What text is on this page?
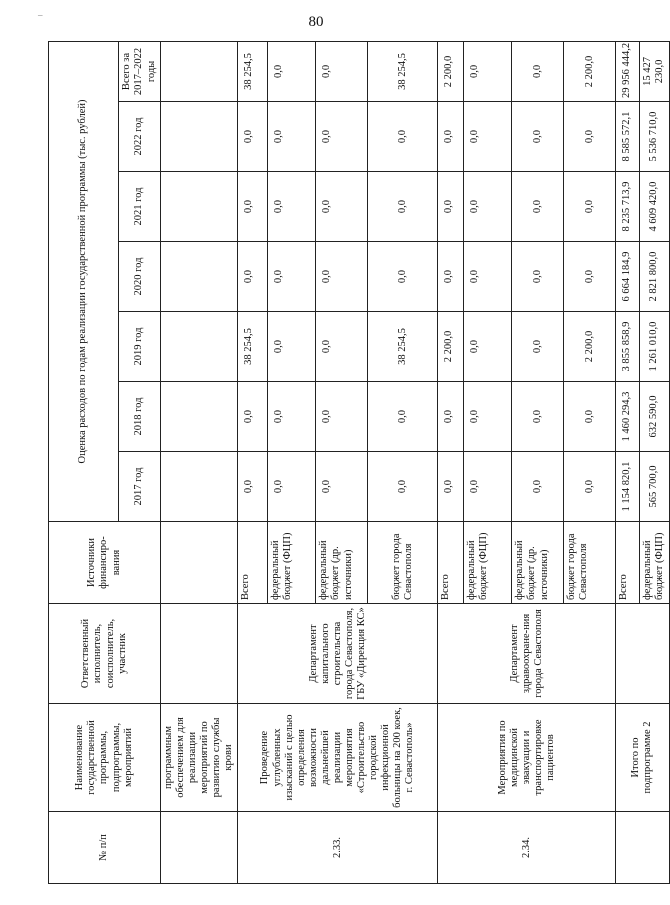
–	80
№ п/п	Наименование государственной программы, подпрограммы, мероприятий	Ответственный исполнитель, соисполнитель, участник	Источники финансиро-вания	Оценка расходов по годам реализации государственной программы (тыс. рублей)						
				2017 год	2018 год	2019 год	2020 год	2021 год	2022 год	Всего за 2017–2022 годы
	программным обеспечением для реализации мероприятий по развитию службы крови									
2.33.	Проведение углубленных изысканий с целью определения возможности дальнейшей реализации мероприятия «Строительство городской инфекционной больницы на 200 коек, г. Севастополь»	Департамент капитального строительства города Севастополя, ГБУ «Дирекция КС»	Всего	0,0	0,0	38 254,5	0,0	0,0	0,0	38 254,5
			федеральный бюджет (ФЦП)	0,0	0,0	0,0	0,0	0,0	0,0	0,0
			федеральный бюджет (др. источники)	0,0	0,0	0,0	0,0	0,0	0,0	0,0
			бюджет города Севастополя	0,0	0,0	38 254,5	0,0	0,0	0,0	38 254,5
2.34.	Мероприятия по медицинской эвакуации и транспортировке пациентов	Департамент здравоохране-ния города Севастополя	Всего	0,0	0,0	2 200,0	0,0	0,0	0,0	2 200,0
			федеральный бюджет (ФЦП)	0,0	0,0	0,0	0,0	0,0	0,0	0,0
			федеральный бюджет (др. источники)	0,0	0,0	0,0	0,0	0,0	0,0	0,0
			бюджет города Севастополя	0,0	0,0	2 200,0	0,0	0,0	0,0	2 200,0
	Итого по подпрограмме 2		Всего	1 154 820,1	1 460 294,3	3 855 858,9	6 664 184,9	8 235 713,9	8 585 572,1	29 956 444,2
			федеральный бюджет (ФЦП)	565 700,0	632 590,0	1 261 010,0	2 821 800,0	4 609 420,0	5 536 710,0	15 427 230,0
